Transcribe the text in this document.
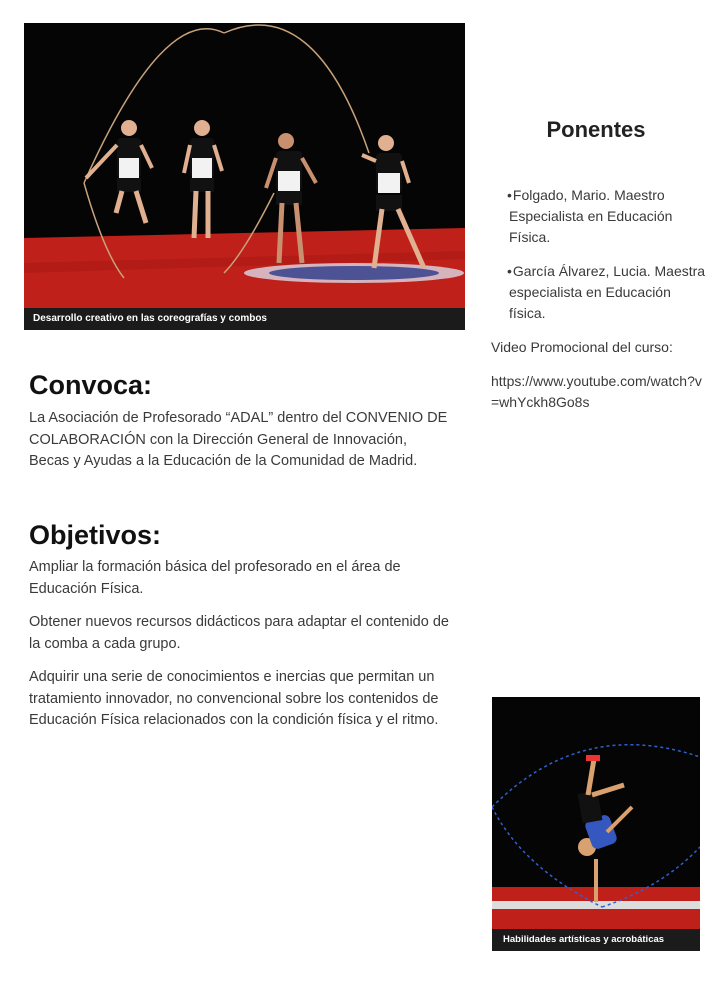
Desarrollo creativo en las coreografías y combos
Ponentes

•Folgado, Mario. Maestro Especialista en Educación Física.

•García Álvarez, Lucia. Maestra especialista en Educación física.

Video Promocional del curso:

https://www.youtube.com/watch?v=whYckh8Go8s

Convoca:

La Asociación de Profesorado “ADAL” dentro del CONVENIO DE COLABORACIÓN con la Dirección General de Innovación, Becas y Ayudas a la Educación de la Comunidad de Madrid.

Objetivos:

Ampliar la formación básica del profesorado en el área de Educación Física.

Obtener nuevos recursos didácticos para adaptar el contenido de la comba a cada grupo.

Adquirir una serie de conocimientos e inercias que permitan un tratamiento innovador, no convencional sobre los contenidos de Educación Física relacionados con la condición física y el ritmo.

Habilidades artísticas y acrobáticas
